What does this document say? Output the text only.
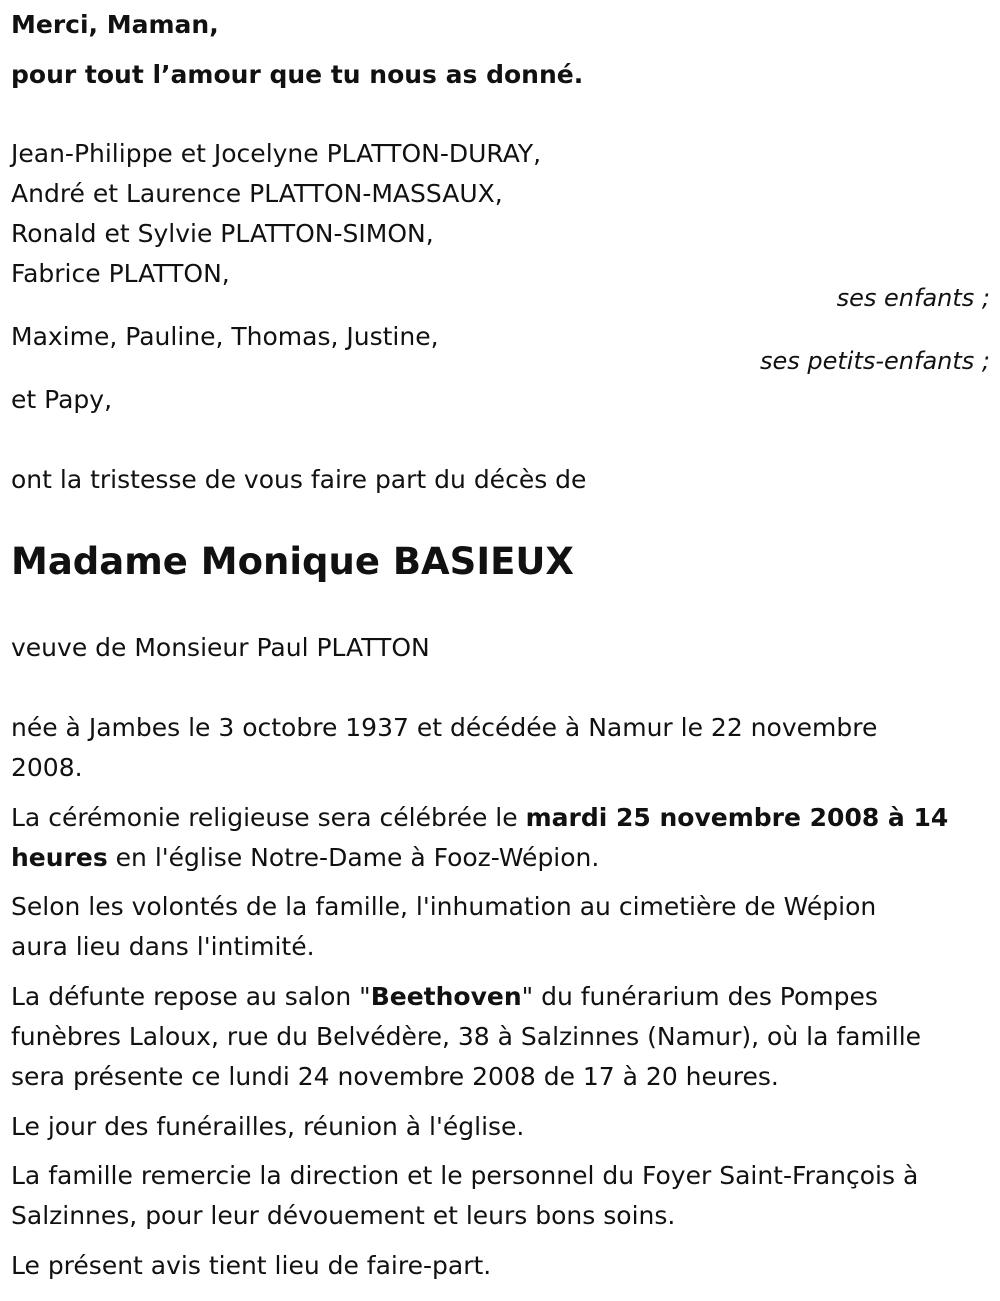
Merci, Maman,
pour tout l’amour que tu nous as donné.
Jean-Philippe et Jocelyne PLATTON-DURAY,
André et Laurence PLATTON-MASSAUX,
Ronald et Sylvie PLATTON-SIMON,
Fabrice PLATTON,
ses enfants ;
Maxime, Pauline, Thomas, Justine,
ses petits-enfants ;
et Papy,
ont la tristesse de vous faire part du décès de
Madame Monique BASIEUX
veuve de Monsieur Paul PLATTON
née à Jambes le 3 octobre 1937 et décédée à Namur le 22 novembre
2008.
La cérémonie religieuse sera célébrée le mardi 25 novembre 2008 à 14
heures en l'église Notre-Dame à Fooz-Wépion.
Selon les volontés de la famille, l'inhumation au cimetière de Wépion
aura lieu dans l'intimité.
La défunte repose au salon "Beethoven" du funérarium des Pompes
funèbres Laloux, rue du Belvédère, 38 à Salzinnes (Namur), où la famille
sera présente ce lundi 24 novembre 2008 de 17 à 20 heures.
Le jour des funérailles, réunion à l'église.
La famille remercie la direction et le personnel du Foyer Saint-François à
Salzinnes, pour leur dévouement et leurs bons soins.
Le présent avis tient lieu de faire-part.
